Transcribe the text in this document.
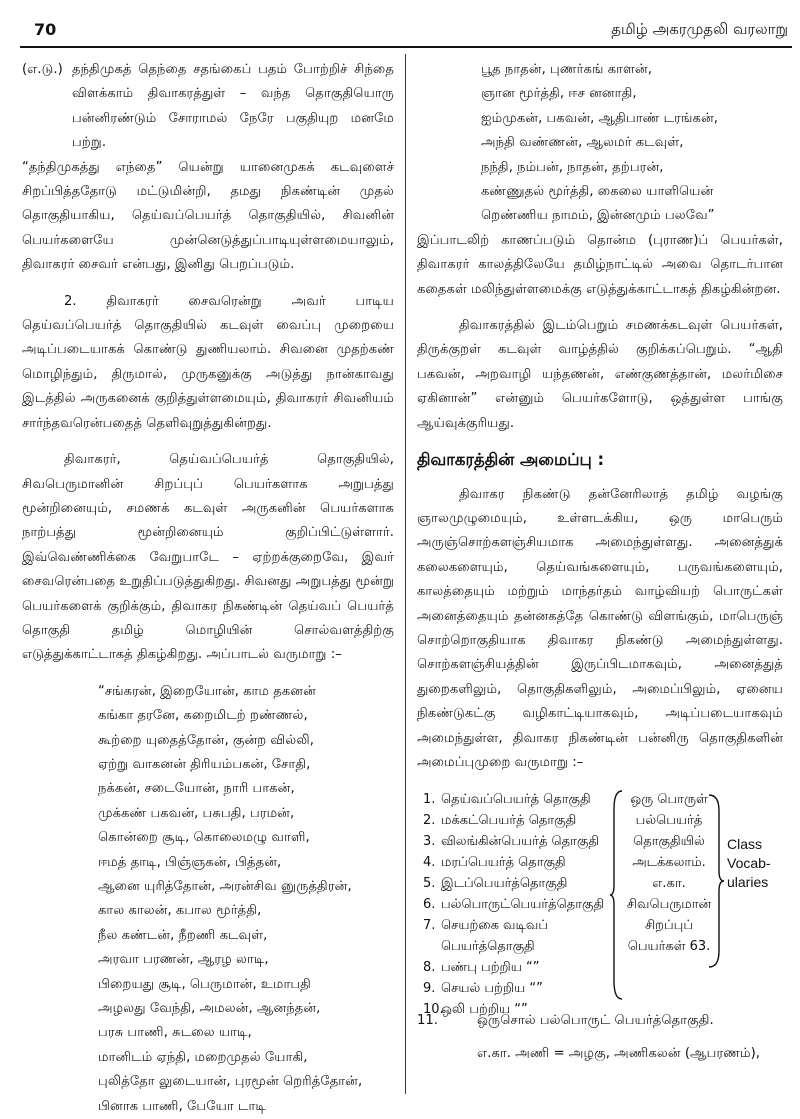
70	தமிழ் அகரமுதலி வரலாறு
(எ.டு.) தந்திமுகத் தெந்தை சதங்கைப் பதம் போற்றிச் சிந்தை விளக்காம் திவாகரத்துள் – வந்த தொகுதியொரு பன்னிரண்டும் சோராமல் நேரே பகுதியுற மனமே பற்று.

“தந்திமுகத்து எந்தை” யென்று யானைமுகக் கடவுளைச் சிறப்பித்ததோடு மட்டுமின்றி, தமது நிகண்டின் முதல் தொகுதியாகிய, தெய்வப்பெயர்த் தொகுதியில், சிவனின் பெயர்களையே முன்னெடுத்துப்பாடியுள்ளமையாலும், திவாகரர் சைவர் என்பது, இனிது பெறப்படும்.

2. திவாகரர் சைவரென்று அவர் பாடிய தெய்வப்பெயர்த் தொகுதியில் கடவுள் வைப்பு முறையை அடிப்படையாகக் கொண்டு துணியலாம். சிவனை முதற்கண் மொழிந்தும், திருமால், முருகனுக்கு அடுத்து நான்காவது இடத்தில் அருகனைக் குறித்துள்ளமையும், திவாகரர் சிவனியம் சார்ந்தவரென்பதைத் தெளிவுறுத்துகின்றது.

திவாகரர், தெய்வப்பெயர்த் தொகுதியில், சிவபெருமானின் சிறப்புப் பெயர்களாக அறுபத்து மூன்றினையும், சமணக் கடவுள் அருகனின் பெயர்களாக நாற்பத்து மூன்றினையும் குறிப்பிட்டுள்ளார். இவ்வெண்ணிக்கை வேறுபாடே – ஏற்றக்குறைவே, இவர் சைவரென்பதை உறுதிப்படுத்துகிறது. சிவனது அறுபத்து மூன்று பெயர்களைக் குறிக்கும், திவாகர நிகண்டின் தெய்வப் பெயர்த் தொகுதி தமிழ் மொழியின் சொல்வளத்திற்கு எடுத்துக்காட்டாகத் திகழ்கிறது. அப்பாடல் வருமாறு :–

“சங்கரன், இறையோன், காம தகனன்
கங்கா தரனே, கறைமிடற் றண்ணல்,
கூற்றை யுதைத்தோன், குன்ற வில்லி,
ஏற்று வாகனன் திரியம்பகன், சோதி,
நக்கன், சடையோன், நாரி பாகன்,
முக்கண் பகவன், பசுபதி, பரமன்,
கொன்றை சூடி, கொலைமழு வாளி,
ஈமத் தாடி, பிஞ்ஞகன், பித்தன்,
ஆனை யுரித்தோன், அரன்சிவ னுருத்திரன்,
கால காலன், கபால மூர்த்தி,
நீல கண்டன், நீறணி கடவுள்,
அரவா பரணன், ஆரழ லாடி,
பிறையது சூடி, பெருமான், உமாபதி
அழலது வேந்தி, அமலன், ஆனந்தன்,
பரசு பாணி, சுடலை யாடி,
மானிடம் ஏந்தி, மறைமுதல் யோகி,
புலித்தோ லுடையான், புரமூன் றெரித்தோன்,
பினாக பாணி, பேயோ டாடி
பூத நாதன், புணர்கங் காளன்,
ஞான மூர்த்தி, ஈச னனாதி,
ஐம்முகன், பகவன், ஆதிபாண் டரங்கன்,
அந்தி வண்ணன், ஆலமர் கடவுள்,
நந்தி, நம்பன், நாதன், தற்பரன்,
கண்ணுதல் மூர்த்தி, கைலை யாளியென்
றெண்ணிய நாமம், இன்னமும் பலவே”

இப்பாடலிற் காணப்படும் தொன்ம (புராண)ப் பெயர்கள், திவாகரர் காலத்திலேயே தமிழ்நாட்டில் அவை தொடர்பான கதைகள் மலிந்துள்ளமைக்கு எடுத்துக்காட்டாகத் திகழ்கின்றன.

திவாகரத்தில் இடம்பெறும் சமணக்கடவுள் பெயர்கள், திருக்குறள் கடவுள் வாழ்த்தில் குறிக்கப்பெறும். “ஆதி பகவன், அறவாழி யந்தணன், எண்குணத்தான், மலர்மிசை ஏகினான்” என்னும் பெயர்களோடு, ஒத்துள்ள பாங்கு ஆய்வுக்குரியது.

திவாகரத்தின் அமைப்பு :

திவாகர நிகண்டு தன்னேரிலாத் தமிழ் வழங்கு ஞாலமுழுமையும், உள்ளடக்கிய, ஒரு மாபெரும் அருஞ்சொற்களஞ்சியமாக அமைந்துள்ளது. அனைத்துக் கலைகளையும், தெய்வங்களையும், பருவங்களையும், காலத்தையும் மற்றும் மாந்தர்தம் வாழ்வியற் பொருட்கள் அனைத்தையும் தன்னகத்தே கொண்டு விளங்கும், மாபெருஞ் சொற்றொகுதியாக திவாகர நிகண்டு அமைந்துள்ளது. சொற்களஞ்சியத்தின் இருப்பிடமாகவும், அனைத்துத் துறைகளிலும், தொகுதிகளிலும், அமைப்பிலும், ஏனைய நிகண்டுகட்கு வழிகாட்டியாகவும், அடிப்படையாகவும் அமைந்துள்ள, திவாகர நிகண்டின் பன்னிரு தொகுதிகளின் அமைப்புமுறை வருமாறு :–

1. தெய்வப்பெயர்த் தொகுதி
2. மக்கட்பெயர்த் தொகுதி
3. விலங்கின்பெயர்த் தொகுதி
4. மரப்பெயர்த் தொகுதி
5. இடப்பெயர்த்தொகுதி
6. பல்பொருட்பெயர்த்தொகுதி
7. செயற்கை வடிவப்
பெயர்த்தொகுதி
8. பண்பு பற்றிய “”
9. செயல் பற்றிய “”
10.ஒலி பற்றிய “”
ஒரு பொருள்
பல்பெயர்த்
தொகுதியில்
அடக்கலாம்.
எ.கா.
சிவபெருமான்
சிறப்புப்
பெயர்கள் 63.
Class
Vocab-
ularies
11.	ஒருசொல் பல்பொருட் பெயர்த்தொகுதி.

எ.கா. அணி = அழகு, அணிகலன் (ஆபரணம்),
